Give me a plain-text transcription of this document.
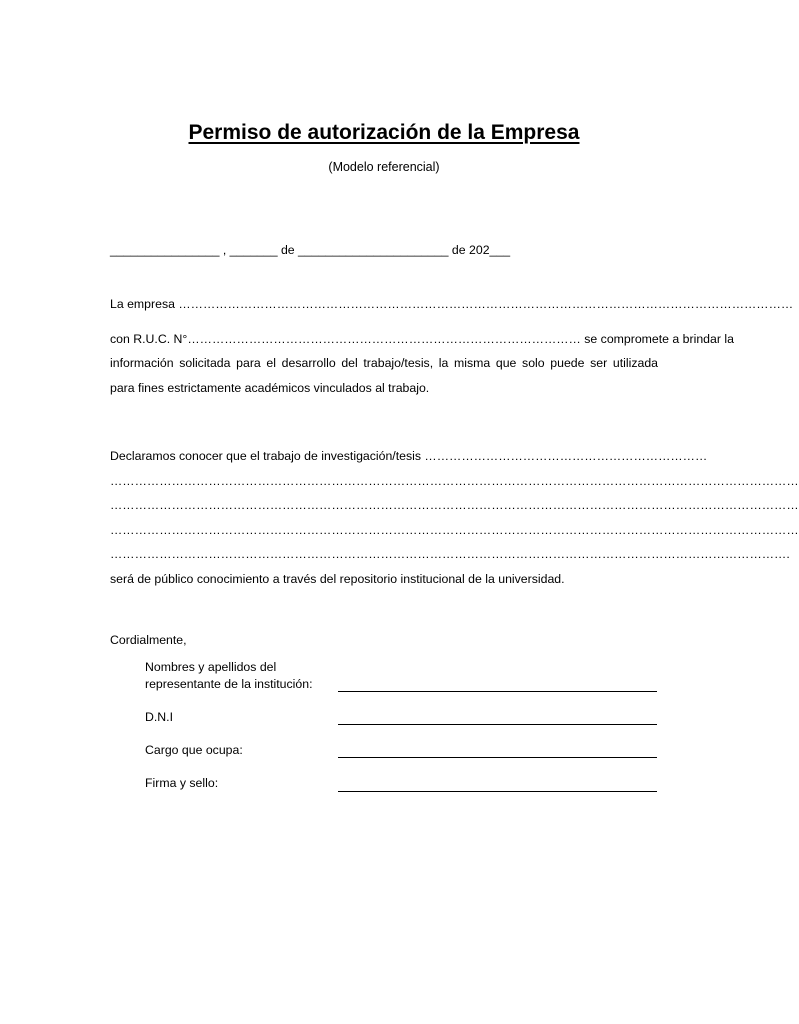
Permiso de autorización de la Empresa
(Modelo referencial)
________________ , _______ de ______________________ de 202___
La empresa ……………………………………………………………………………………………………………………………………
con R.U.C. N°…………………………………………………………………………………… se compromete a brindar la
información solicitada para el desarrollo del trabajo/tesis, la misma que solo puede ser utilizada
para fines estrictamente académicos vinculados al trabajo.
Declaramos conocer que el trabajo de investigación/tesis ……………………………………………………………
……………………………………………………………………………………………………………………………………………………
……………………………………………………………………………………………………………………………………………………
……………………………………………………………………………………………………………………………………………………
………………………………………………………………………………………………………………………………………………….
será de público conocimiento a través del repositorio institucional de la universidad.
Cordialmente,
Nombres y apellidos del
representante de la institución:
D.N.I
Cargo que ocupa:
Firma y sello:
